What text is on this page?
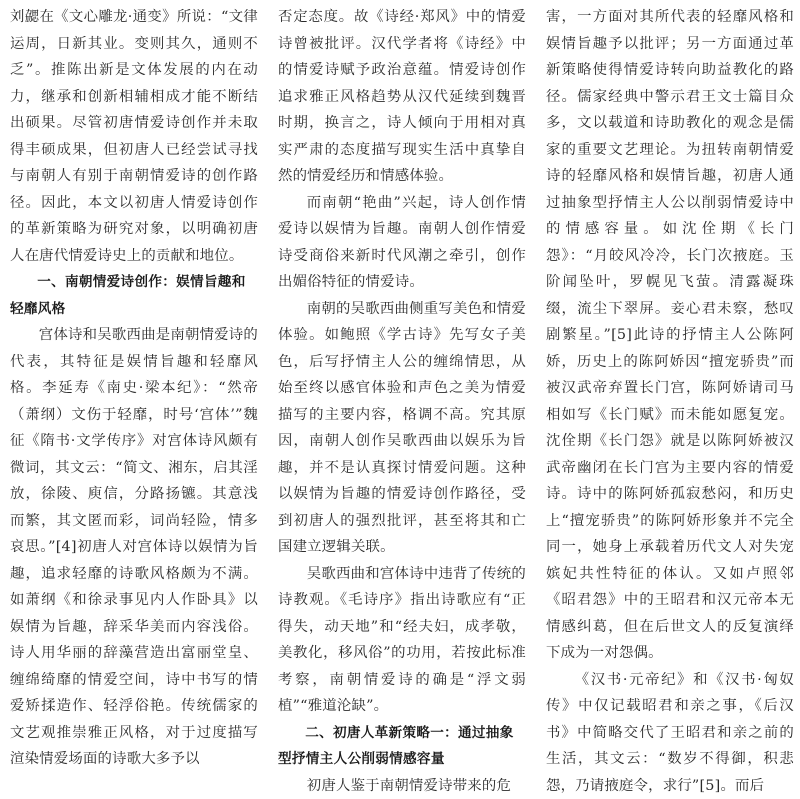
刘勰在《文心雕龙·通变》所说：“文律运周，日新其业。变则其久，通则不乏”。推陈出新是文体发展的内在动力，继承和创新相辅相成才能不断结出硕果。尽管初唐情爱诗创作并未取得丰硕成果，但初唐人已经尝试寻找与南朝人有别于南朝情爱诗的创作路径。因此，本文以初唐人情爱诗创作的革新策略为研究对象，以明确初唐人在唐代情爱诗史上的贡献和地位。

一、南朝情爱诗创作：娱情旨趣和轻靡风格

宫体诗和吴歌西曲是南朝情爱诗的代表，其特征是娱情旨趣和轻靡风格。李延寿《南史·梁本纪》：“然帝（萧纲）文伤于轻靡，时号‘宫体’”魏征《隋书·文学传序》对宫体诗风颇有微词，其文云：“简文、湘东，启其淫放，徐陵、庾信，分路扬镳。其意浅而繁，其文匿而彩，词尚轻险，情多哀思。”[4]初唐人对宫体诗以娱情为旨趣，追求轻靡的诗歌风格颇为不满。如萧纲《和徐录事见内人作卧具》以娱情为旨趣，辞采华美而内容浅俗。诗人用华丽的辞藻营造出富丽堂皇、缠绵绮靡的情爱空间，诗中书写的情爱矫揉造作、轻浮俗艳。传统儒家的文艺观推崇雅正风格，对于过度描写渲染情爱场面的诗歌大多予以

否定态度。故《诗经·郑风》中的情爱诗曾被批评。汉代学者将《诗经》中的情爱诗赋予政治意蕴。情爱诗创作追求雅正风格趋势从汉代延续到魏晋时期，换言之，诗人倾向于用相对真实严肃的态度描写现实生活中真挚自然的情爱经历和情感体验。

而南朝“艳曲”兴起，诗人创作情爱诗以娱情为旨趣。南朝人创作情爱诗受商俗来新时代风潮之牵引，创作出媚俗特征的情爱诗。

南朝的吴歌西曲侧重写美色和情爱体验。如鲍照《学古诗》先写女子美色，后写抒情主人公的缠绵情思，从始至终以感官体验和声色之美为情爱描写的主要内容，格调不高。究其原因，南朝人创作吴歌西曲以娱乐为旨趣，并不是认真探讨情爱问题。这种以娱情为旨趣的情爱诗创作路径，受到初唐人的强烈批评，甚至将其和亡国建立逻辑关联。

吴歌西曲和宫体诗中违背了传统的诗教观。《毛诗序》指出诗歌应有“正得失，动天地”和“经夫妇，成孝敬，美教化，移风俗”的功用，若按此标准考察，南朝情爱诗的确是“浮文弱植”“雅道沦缺”。

二、初唐人革新策略一：通过抽象型抒情主人公削弱情感容量

初唐人鉴于南朝情爱诗带来的危

害，一方面对其所代表的轻靡风格和娱情旨趣予以批评；另一方面通过革新策略使得情爱诗转向助益教化的路径。儒家经典中警示君王文士篇目众多，文以载道和诗助教化的观念是儒家的重要文艺理论。为扭转南朝情爱诗的轻靡风格和娱情旨趣，初唐人通过抽象型抒情主人公以削弱情爱诗中的情感容量。如沈佺期《长门怨》：“月皎风冷冷，长门次掖庭。玉阶闻坠叶，罗幌见飞萤。清露凝珠缀，流尘下翠屏。妾心君未察，愁叹剧繁星。”[5]此诗的抒情主人公陈阿娇，历史上的陈阿娇因“擅宠骄贵”而被汉武帝弃置长门宫，陈阿娇请司马相如写《长门赋》而未能如愿复宠。沈佺期《长门怨》就是以陈阿娇被汉武帝幽闭在长门宫为主要内容的情爱诗。诗中的陈阿娇孤寂愁闷，和历史上“擅宠骄贵”的陈阿娇形象并不完全同一，她身上承载着历代文人对失宠嫔妃共性特征的体认。又如卢照邻《昭君怨》中的王昭君和汉元帝本无情感纠葛，但在后世文人的反复演绎下成为一对怨偶。

《汉书·元帝纪》和《汉书·匈奴传》中仅记载昭君和亲之事，《后汉书》中简略交代了王昭君和亲之前的生活，其文云：“数岁不得御，积悲怨，乃请掖庭令，求行”[5]。而后
